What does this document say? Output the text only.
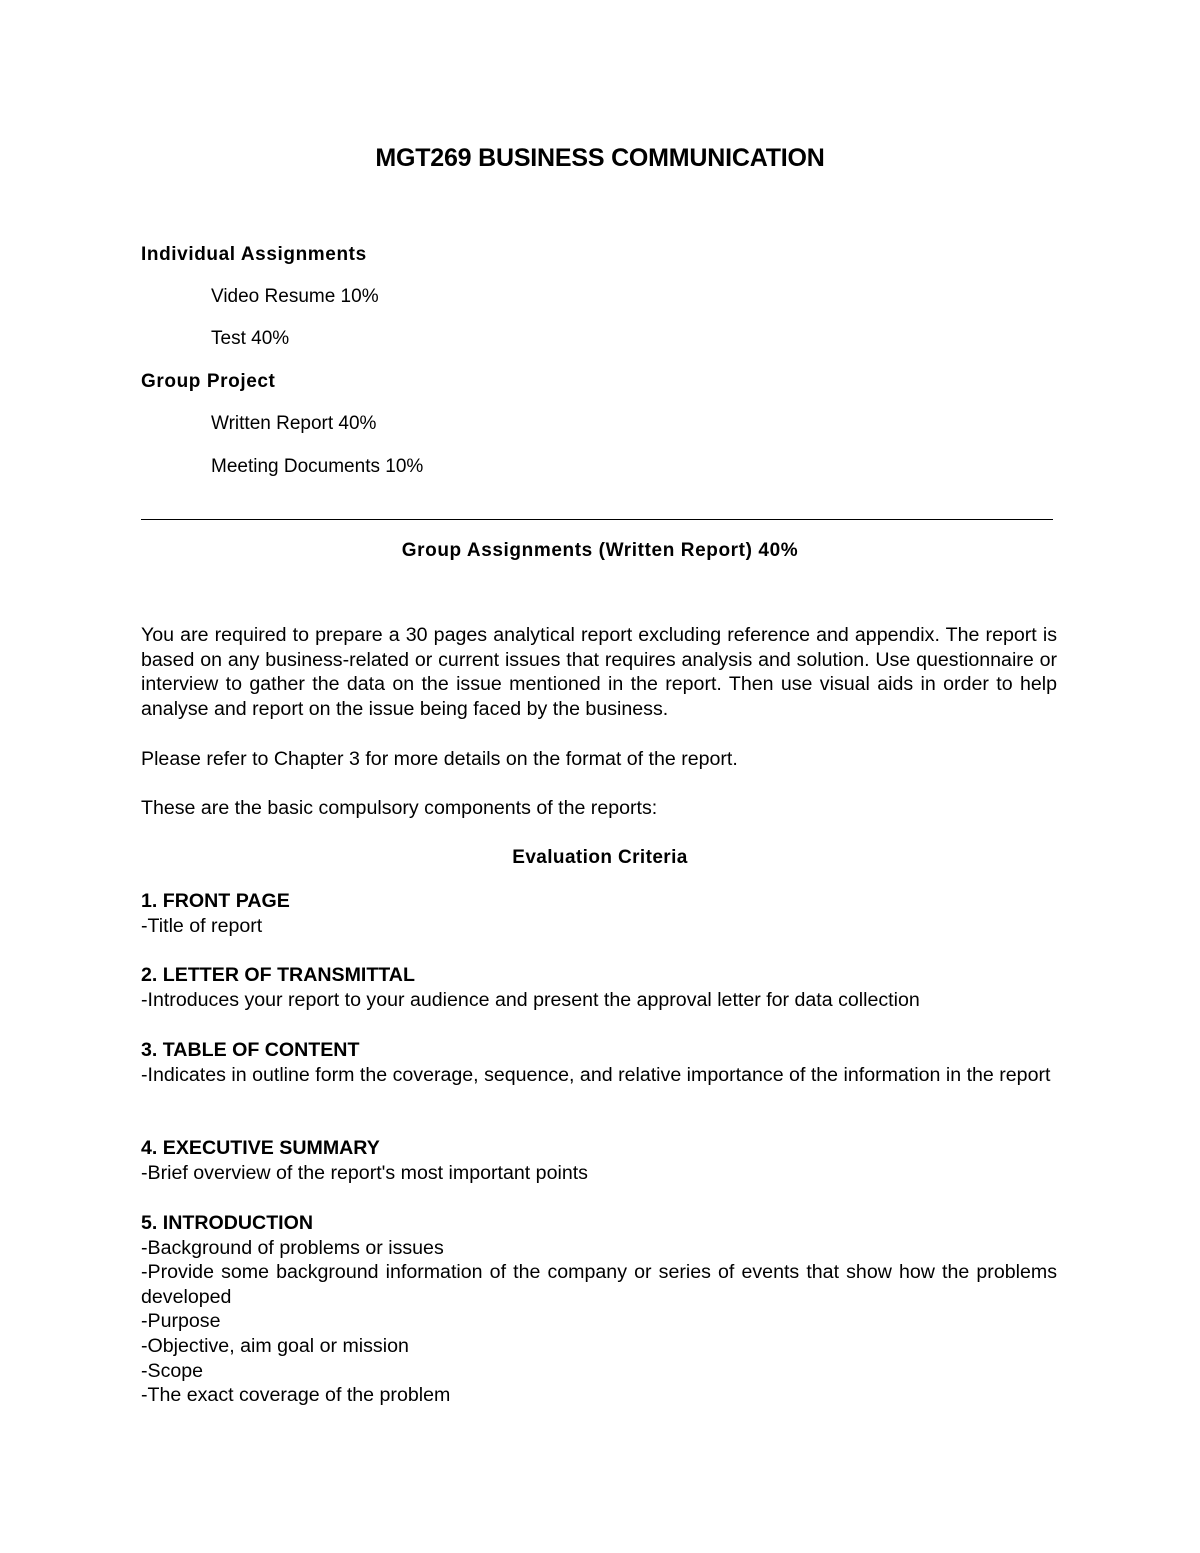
MGT269 BUSINESS COMMUNICATION
Individual Assignments
Video Resume 10%
Test 40%
Group Project
Written Report 40%
Meeting Documents 10%
Group Assignments (Written Report) 40%
You are required to prepare a 30 pages analytical report excluding reference and appendix. The report is based on any business-related or current issues that requires analysis and solution. Use questionnaire or interview to gather the data on the issue mentioned in the report. Then use visual aids in order to help analyse and report on the issue being faced by the business.
Please refer to Chapter 3 for more details on the format of the report.
These are the basic compulsory components of the reports:
Evaluation Criteria
1. FRONT PAGE
-Title of report
2. LETTER OF TRANSMITTAL
-Introduces your report to your audience and present the approval letter for data collection
3. TABLE OF CONTENT
-Indicates in outline form the coverage, sequence, and relative importance of the information in the report
4. EXECUTIVE SUMMARY
-Brief overview of the report's most important points
5. INTRODUCTION
-Background of problems or issues
-Provide some background information of the company or series of events that show how the problems developed
-Purpose
-Objective, aim goal or mission
-Scope
-The exact coverage of the problem
